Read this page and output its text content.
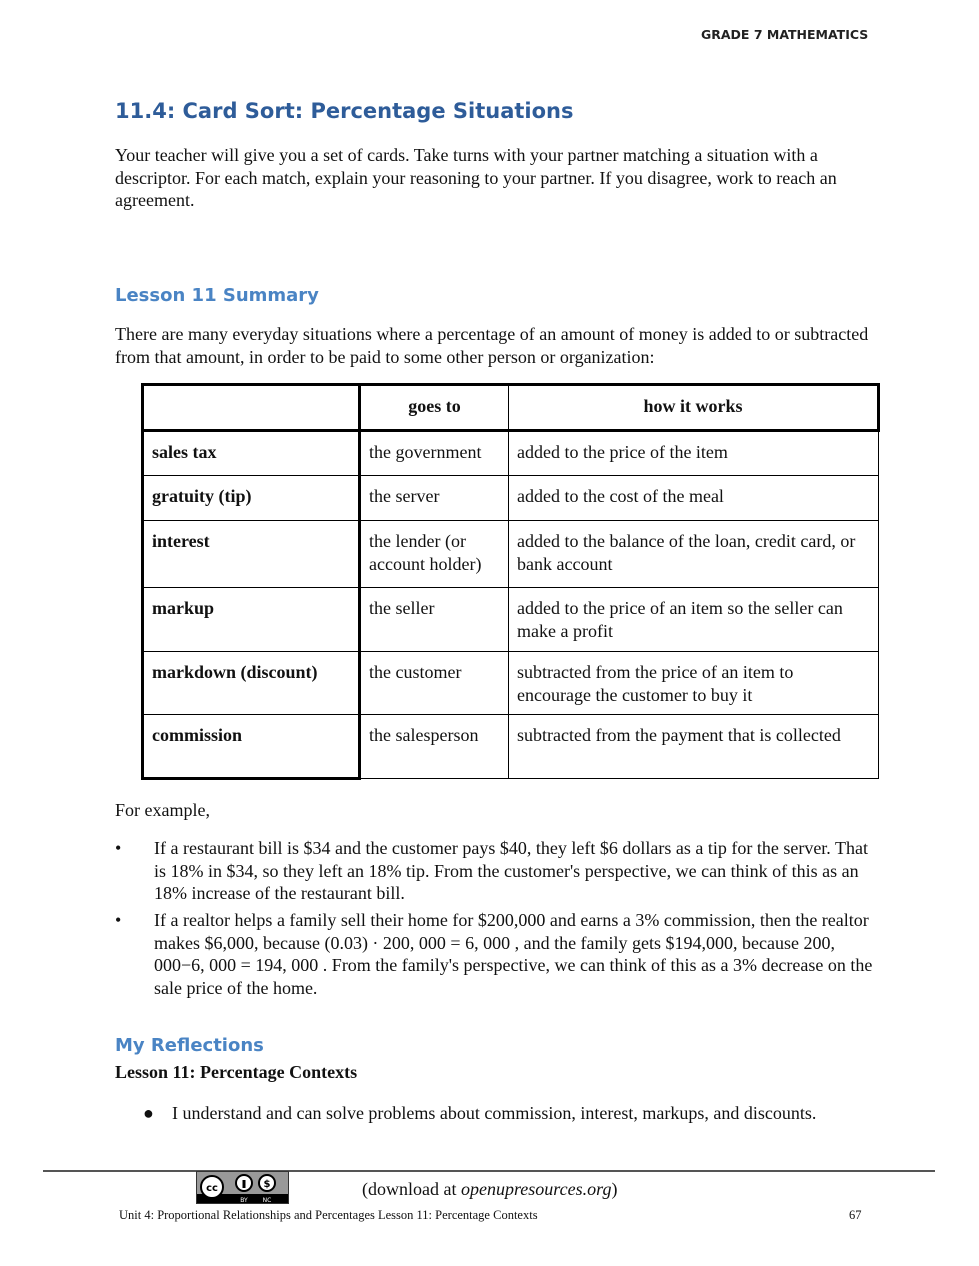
GRADE 7 MATHEMATICS
11.4: Card Sort: Percentage Situations
Your teacher will give you a set of cards. Take turns with your partner matching a situation with a descriptor. For each match, explain your reasoning to your partner. If you disagree, work to reach an agreement.
Lesson 11 Summary
There are many everyday situations where a percentage of an amount of money is added to or subtracted from that amount, in order to be paid to some other person or organization:
	goes to	how it works
sales tax	the government	added to the price of the item
gratuity (tip)	the server	added to the cost of the meal
interest	the lender (or account holder)	added to the balance of the loan, credit card, or bank account
markup	the seller	added to the price of an item so the seller can make a profit
markdown (discount)	the customer	subtracted from the price of an item to encourage the customer to buy it
commission	the salesperson	subtracted from the payment that is collected
For example,
• If a restaurant bill is $34 and the customer pays $40, they left $6 dollars as a tip for the server. That is 18% in $34, so they left an 18% tip. From the customer's perspective, we can think of this as an 18% increase of the restaurant bill.
• If a realtor helps a family sell their home for $200,000 and earns a 3% commission, then the realtor makes $6,000, because (0.03) · 200, 000 = 6, 000 , and the family gets $194,000, because 200, 000−6, 000 = 194, 000 . From the family's perspective, we can think of this as a 3% decrease on the sale price of the home.
My Reflections
Lesson 11: Percentage Contexts
● I understand and can solve problems about commission, interest, markups, and discounts.
cc	$
BY NC
(download at openupresources.org)
Unit 4: Proportional Relationships and Percentages Lesson 11: Percentage Contexts	67
